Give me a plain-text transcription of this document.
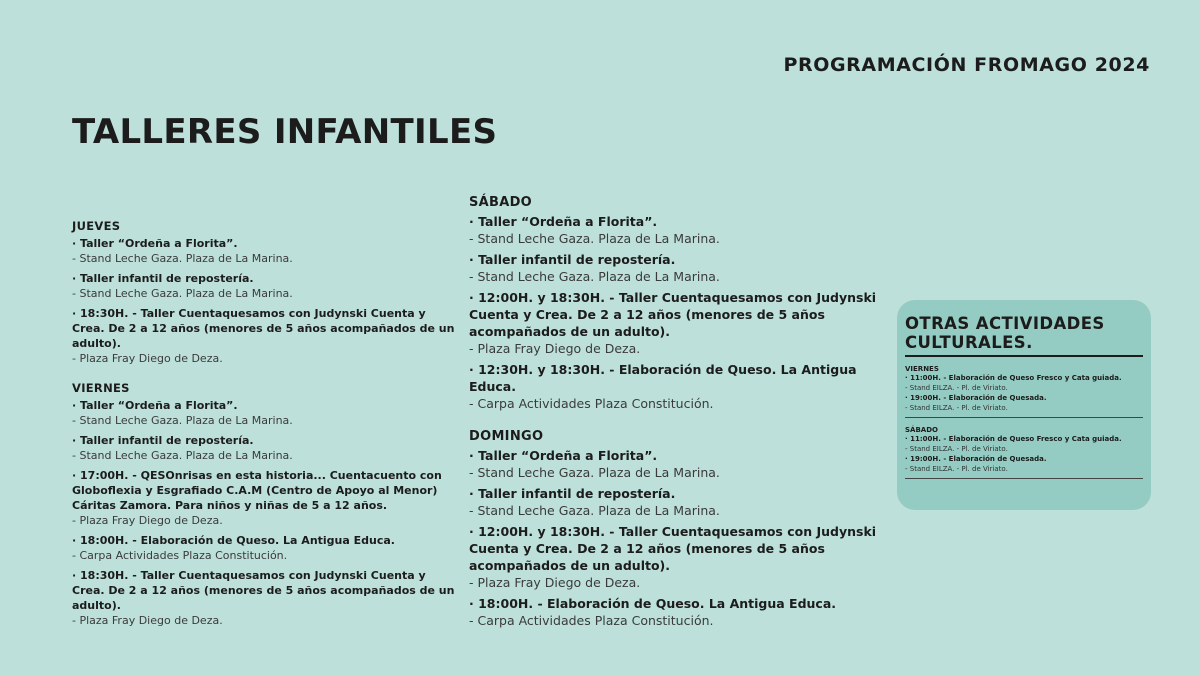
PROGRAMACIÓN FROMAGO 2024
TALLERES INFANTILES
JUEVES
· Taller “Ordeña a Florita”.
- Stand Leche Gaza. Plaza de La Marina.
· Taller infantil de repostería.
- Stand Leche Gaza. Plaza de La Marina.
· 18:30H. - Taller Cuentaquesamos con Judynski Cuenta y Crea. De 2 a 12 años (menores de 5 años acompañados de un adulto).
- Plaza Fray Diego de Deza.
VIERNES
· Taller “Ordeña a Florita”.
- Stand Leche Gaza. Plaza de La Marina.
· Taller infantil de repostería.
- Stand Leche Gaza. Plaza de La Marina.
· 17:00H. - QESOnrisas en esta historia... Cuentacuento con Globoflexia y Esgrafiado C.A.M (Centro de Apoyo al Menor) Cáritas Zamora. Para niños y niñas de 5 a 12 años.
- Plaza Fray Diego de Deza.
· 18:00H. - Elaboración de Queso. La Antigua Educa.
- Carpa Actividades Plaza Constitución.
· 18:30H. - Taller Cuentaquesamos con Judynski Cuenta y Crea. De 2 a 12 años (menores de 5 años acompañados de un adulto).
- Plaza Fray Diego de Deza.
SÁBADO
· Taller “Ordeña a Florita”.
- Stand Leche Gaza. Plaza de La Marina.
· Taller infantil de repostería.
- Stand Leche Gaza. Plaza de La Marina.
· 12:00H. y 18:30H. - Taller Cuentaquesamos con Judynski Cuenta y Crea. De 2 a 12 años (menores de 5 años acompañados de un adulto).
- Plaza Fray Diego de Deza.
· 12:30H. y 18:30H. - Elaboración de Queso. La Antigua Educa.
- Carpa Actividades Plaza Constitución.
DOMINGO
· Taller “Ordeña a Florita”.
- Stand Leche Gaza. Plaza de La Marina.
· Taller infantil de repostería.
- Stand Leche Gaza. Plaza de La Marina.
· 12:00H. y 18:30H. - Taller Cuentaquesamos con Judynski Cuenta y Crea. De 2 a 12 años (menores de 5 años acompañados de un adulto).
- Plaza Fray Diego de Deza.
· 18:00H. - Elaboración de Queso. La Antigua Educa.
- Carpa Actividades Plaza Constitución.
OTRAS ACTIVIDADES CULTURALES.
VIERNES
· 11:00H. - Elaboración de Queso Fresco y Cata guiada.
- Stand EILZA. - Pl. de Viriato.
· 19:00H. - Elaboración de Quesada.
- Stand EILZA. - Pl. de Viriato.
SÁBADO
· 11:00H. - Elaboración de Queso Fresco y Cata guiada.
- Stand EILZA. - Pl. de Viriato.
· 19:00H. - Elaboración de Quesada.
- Stand EILZA. - Pl. de Viriato.
